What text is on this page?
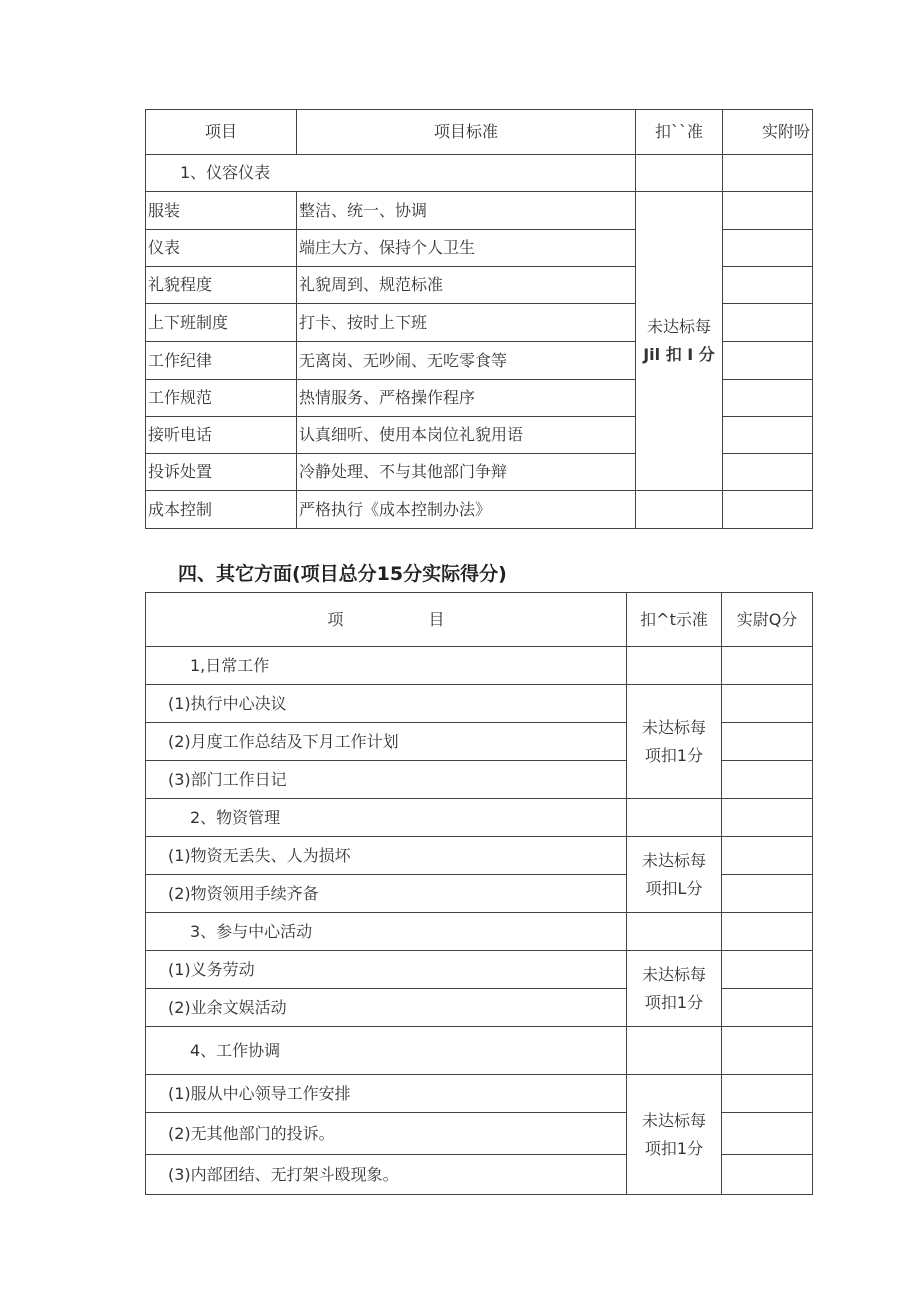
项目	项目标准	扣``准	实附吩
1、仪容仪表			
服装	整洁、统一、协调	未达标每
Jil 扣 I 分	

仪表	端庄大方、保持个人卫生		
礼貌程度	礼貌周到、规范标准		
上下班制度	打卡、按时上下班		
工作纪律	无离岗、无吵闹、无吃零食等		
工作规范	热情服务、严格操作程序		
接听电话	认真细听、使用本岗位礼貌用语		
投诉处置	冷静处理、不与其他部门争辩		
成本控制	严格执行《成本控制办法》		
四、其它方面(项目总分15分实际得分)
项 目	扣^t示准	实尉Q分
1,日常工作		
(1)执行中心决议	未达标每
项扣1分	

(2)月度工作总结及下月工作计划		
(3)部门工作日记		
2、物资管理		
(1)物资无丢失、人为损坏	未达标每
项扣L分	

(2)物资领用手续齐备		
3、参与中心活动		
(1)义务劳动	未达标每
项扣1分	

(2)业余文娱活动		
4、工作协调		
(1)服从中心领导工作安排	未达标每
项扣1分	

(2)无其他部门的投诉。		
(3)内部团结、无打架斗殴现象。		
